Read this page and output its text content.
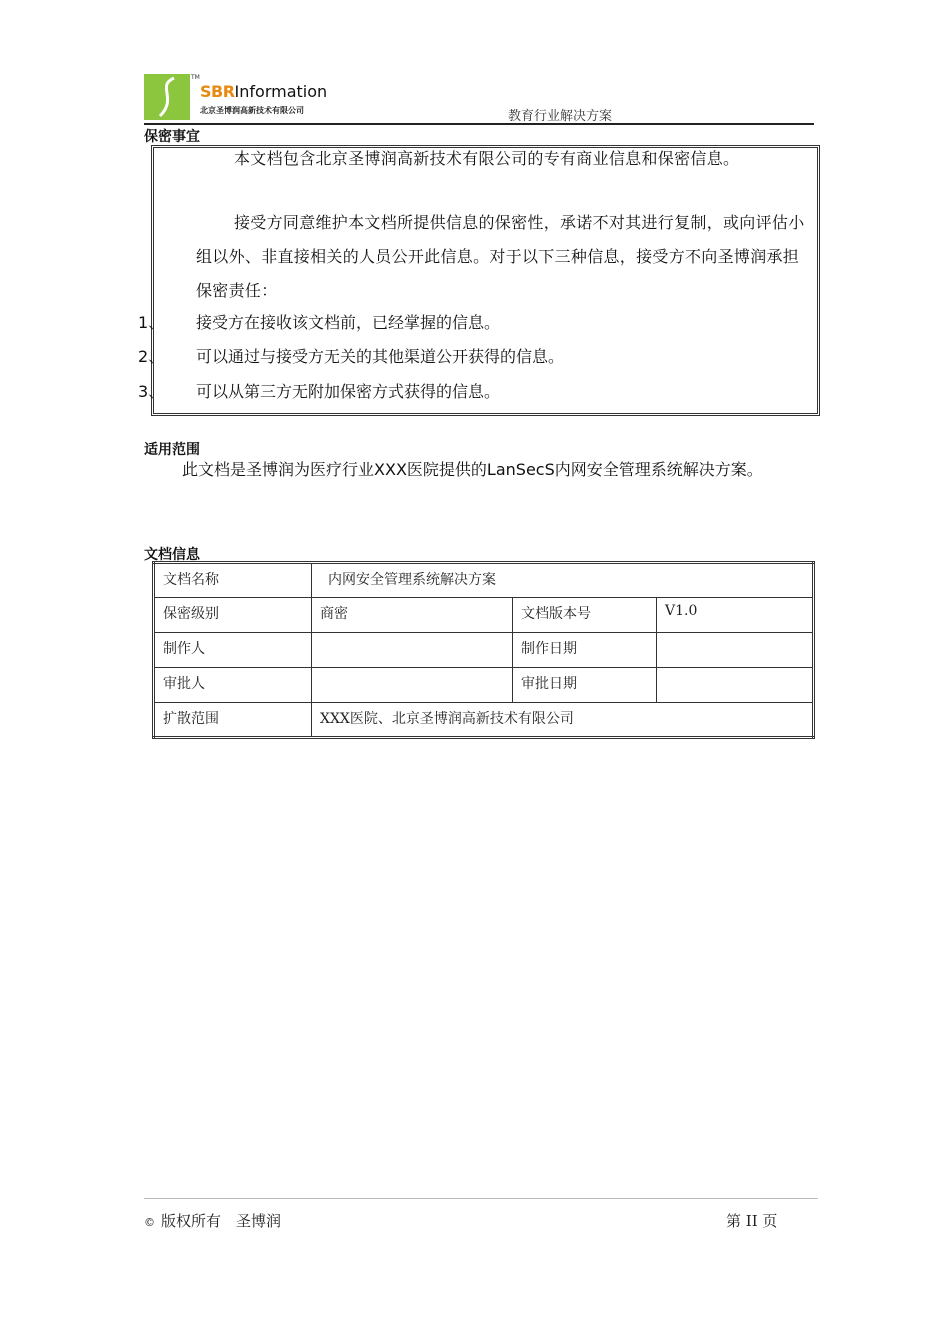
TM
SBRInformation
北京圣博润高新技术有限公司	教育行业解决方案
保密事宜
本文档包含北京圣博润高新技术有限公司的专有商业信息和保密信息。
接受方同意维护本文档所提供信息的保密性，承诺不对其进行复制，或向评估小组以外、非直接相关的人员公开此信息。对于以下三种信息，接受方不向圣博润承担保密责任：
1、 接受方在接收该文档前，已经掌握的信息。
2、 可以通过与接受方无关的其他渠道公开获得的信息。
3、 可以从第三方无附加保密方式获得的信息。
适用范围
此文档是圣博润为医疗行业XXX医院提供的LanSecS内网安全管理系统解决方案。
文档信息
文档名称	内网安全管理系统解决方案		
保密级别	商密	文档版本号	V1.0
制作人		制作日期	
审批人		审批日期	
扩散范围	XXX医院、北京圣博润高新技术有限公司		
© 版权所有　圣博润	第 II 页
